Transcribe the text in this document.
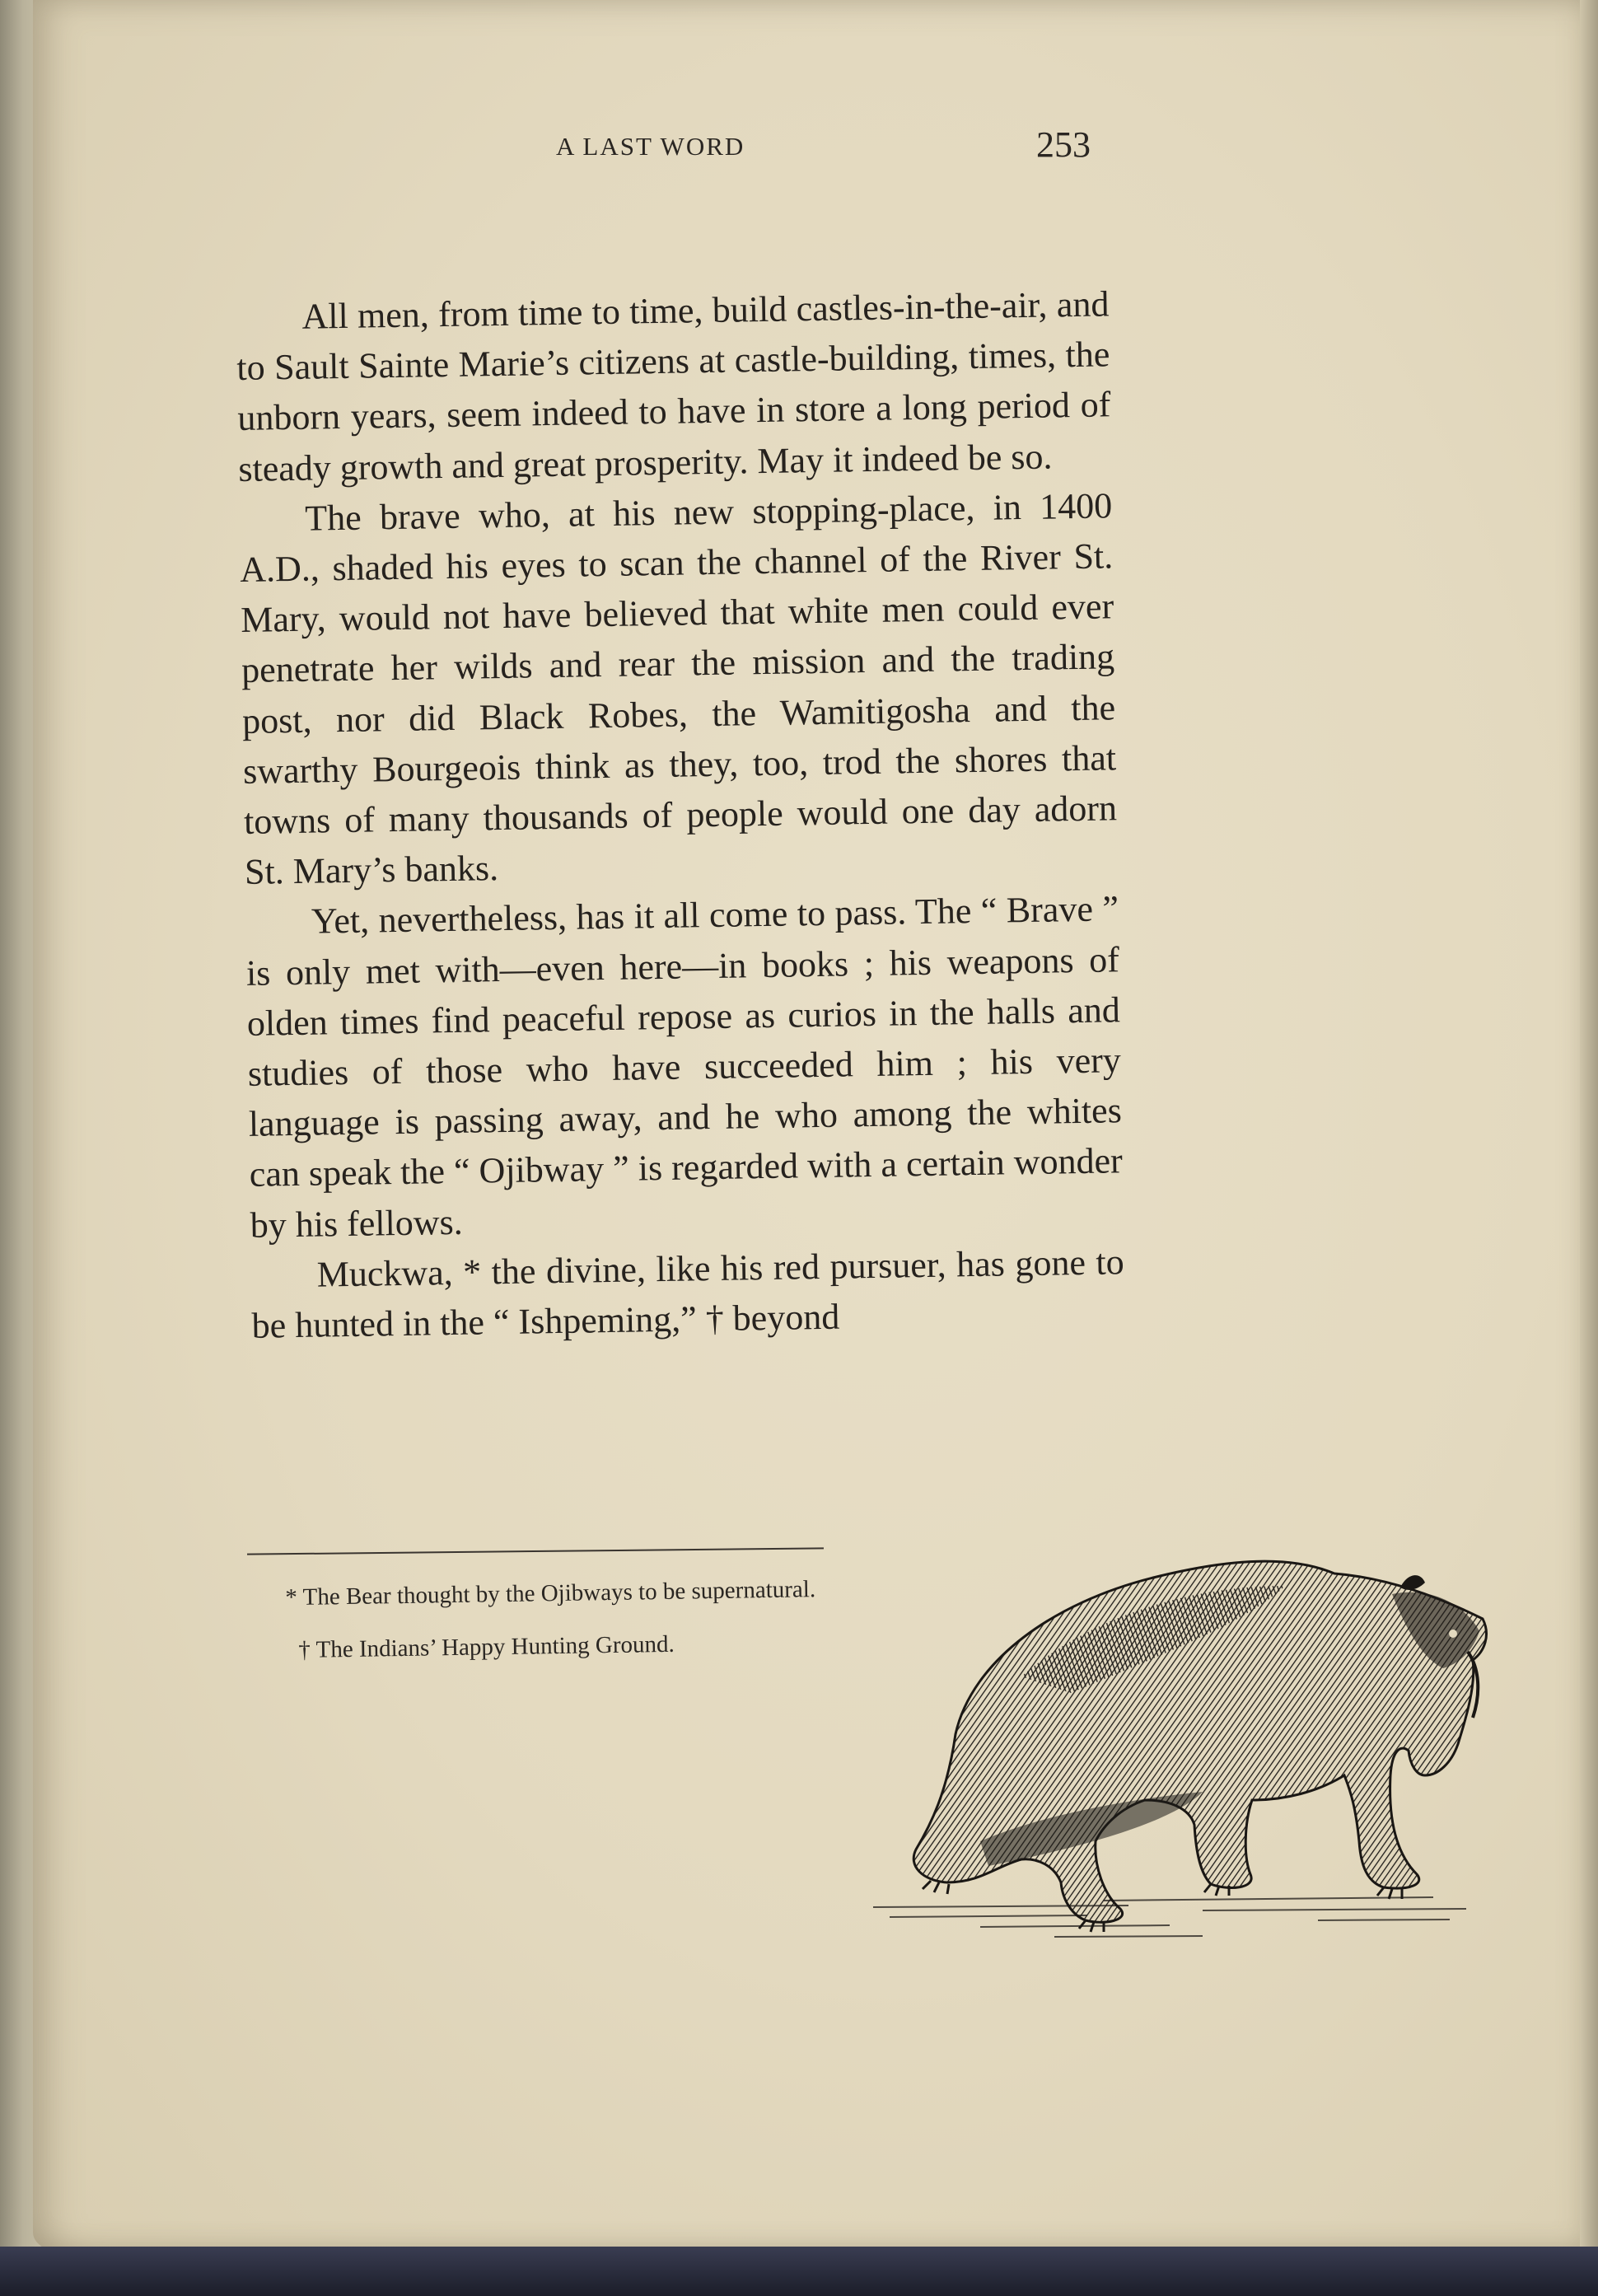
A LAST WORD	253

All men, from time to time, build castles-in-the-air, and to Sault Sainte Marie’s citizens at castle-building, times, the unborn years, seem indeed to have in store a long period of steady growth and great prosperity. May it indeed be so.

The brave who, at his new stopping-place, in 1400 A.D., shaded his eyes to scan the channel of the River St. Mary, would not have believed that white men could ever penetrate her wilds and rear the mission and the trading post, nor did Black Robes, the Wamitigosha and the swarthy Bourgeois think as they, too, trod the shores that towns of many thousands of people would one day adorn St. Mary’s banks.

Yet, nevertheless, has it all come to pass. The “ Brave ” is only met with—even here—in books ; his weapons of olden times find peaceful repose as curios in the halls and studies of those who have succeeded him ; his very language is passing away, and he who among the whites can speak the “ Ojibway ” is regarded with a certain wonder by his fellows.

Muckwa, * the divine, like his red pursuer, has gone to be hunted in the “ Ishpeming,” † beyond

* The Bear thought by the Ojibways to be supernatural.

† The Indians’ Happy Hunting Ground.
